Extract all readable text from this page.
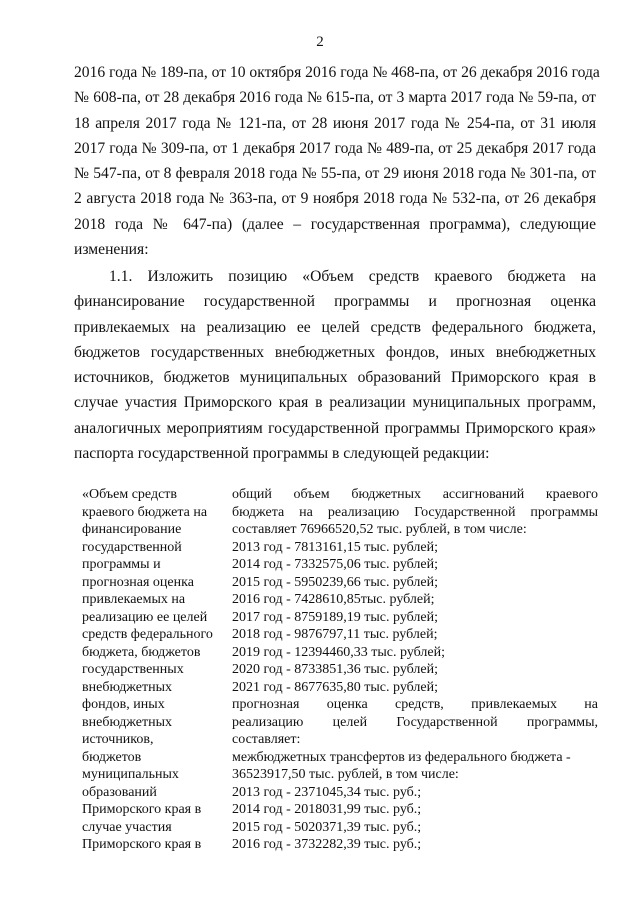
2
2016 года № 189-па, от 10 октября 2016 года № 468-па, от 26 декабря 2016 года
№ 608-па, от 28 декабря 2016 года № 615-па, от 3 марта 2017 года № 59-па, от
18 апреля 2017 года № 121-па, от 28 июня 2017 года № 254-па, от 31 июля
2017 года № 309-па, от 1 декабря 2017 года № 489-па, от 25 декабря 2017 года
№ 547-па, от 8 февраля 2018 года № 55-па, от 29 июня 2018 года № 301-па, от
2 августа 2018 года № 363-па, от 9 ноября 2018 года № 532-па, от 26 декабря
2018 года № 647-па) (далее – государственная программа), следующие
изменения:
1.1. Изложить позицию «Объем средств краевого бюджета на
финансирование государственной программы и прогнозная оценка
привлекаемых на реализацию ее целей средств федерального бюджета,
бюджетов государственных внебюджетных фондов, иных внебюджетных
источников, бюджетов муниципальных образований Приморского края в
случае участия Приморского края в реализации муниципальных программ,
аналогичных мероприятиям государственной программы Приморского края»
паспорта государственной программы в следующей редакции:
«Объем средств	общий объем бюджетных ассигнований краевого
краевого бюджета на	бюджета на реализацию Государственной программы
финансирование	составляет 76966520,52 тыс. рублей, в том числе:
государственной	2013 год - 7813161,15 тыс. рублей;
программы и	2014 год - 7332575,06 тыс. рублей;
прогнозная оценка	2015 год - 5950239,66 тыс. рублей;
привлекаемых на	2016 год - 7428610,85тыс. рублей;
реализацию ее целей	2017 год - 8759189,19 тыс. рублей;
средств федерального	2018 год - 9876797,11 тыс. рублей;
бюджета, бюджетов	2019 год - 12394460,33 тыс. рублей;
государственных	2020 год - 8733851,36 тыс. рублей;
внебюджетных	2021 год - 8677635,80 тыс. рублей;
фондов, иных	прогнозная оценка средств, привлекаемых на
внебюджетных	реализацию целей Государственной программы,
источников,	составляет:
бюджетов	межбюджетных трансфертов из федерального бюджета -
муниципальных	36523917,50 тыс. рублей, в том числе:
образований	2013 год - 2371045,34 тыс. руб.;
Приморского края в	2014 год - 2018031,99 тыс. руб.;
случае участия	2015 год - 5020371,39 тыс. руб.;
Приморского края в	2016 год - 3732282,39 тыс. руб.;
